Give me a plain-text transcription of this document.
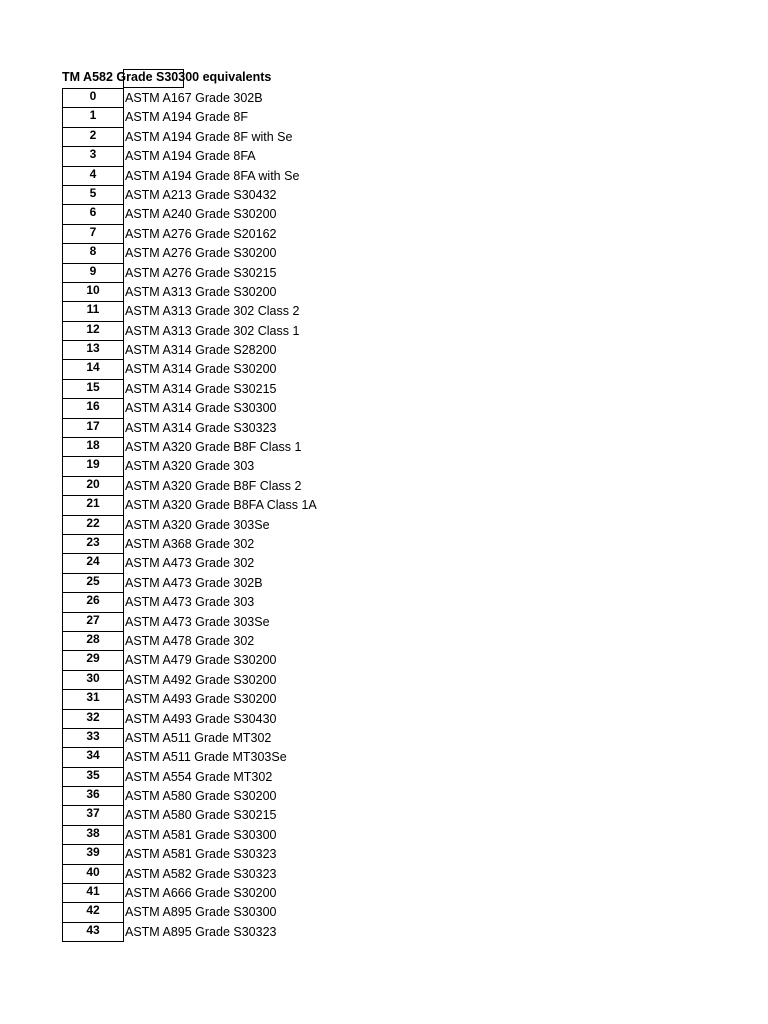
TM A582 Grade S30300 equivalents
0	ASTM A167 Grade 302B
1	ASTM A194 Grade 8F
2	ASTM A194 Grade 8F with Se
3	ASTM A194 Grade 8FA
4	ASTM A194 Grade 8FA with Se
5	ASTM A213 Grade S30432
6	ASTM A240 Grade S30200
7	ASTM A276 Grade S20162
8	ASTM A276 Grade S30200
9	ASTM A276 Grade S30215
10	ASTM A313 Grade S30200
11	ASTM A313 Grade 302 Class 2
12	ASTM A313 Grade 302 Class 1
13	ASTM A314 Grade S28200
14	ASTM A314 Grade S30200
15	ASTM A314 Grade S30215
16	ASTM A314 Grade S30300
17	ASTM A314 Grade S30323
18	ASTM A320 Grade B8F Class 1
19	ASTM A320 Grade 303
20	ASTM A320 Grade B8F Class 2
21	ASTM A320 Grade B8FA Class 1A
22	ASTM A320 Grade 303Se
23	ASTM A368 Grade 302
24	ASTM A473 Grade 302
25	ASTM A473 Grade 302B
26	ASTM A473 Grade 303
27	ASTM A473 Grade 303Se
28	ASTM A478 Grade 302
29	ASTM A479 Grade S30200
30	ASTM A492 Grade S30200
31	ASTM A493 Grade S30200
32	ASTM A493 Grade S30430
33	ASTM A511 Grade MT302
34	ASTM A511 Grade MT303Se
35	ASTM A554 Grade MT302
36	ASTM A580 Grade S30200
37	ASTM A580 Grade S30215
38	ASTM A581 Grade S30300
39	ASTM A581 Grade S30323
40	ASTM A582 Grade S30323
41	ASTM A666 Grade S30200
42	ASTM A895 Grade S30300
43	ASTM A895 Grade S30323
